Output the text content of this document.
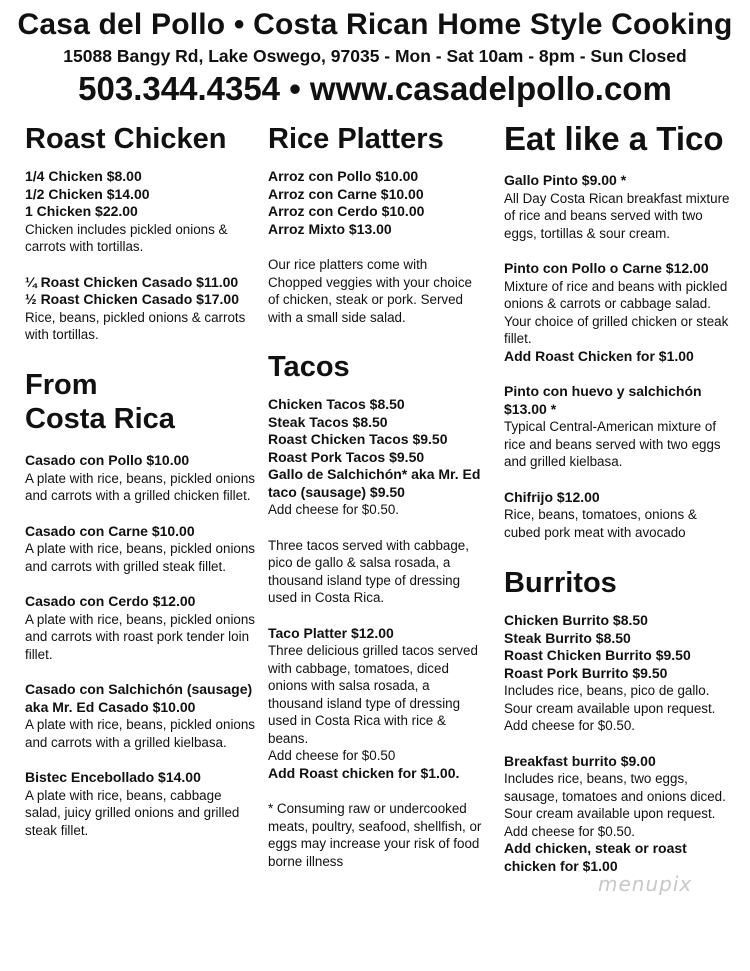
Casa del Pollo • Costa Rican Home Style Cooking
15088 Bangy Rd, Lake Oswego, 97035 - Mon - Sat 10am - 8pm - Sun Closed
503.344.4354 • www.casadelpollo.com
Roast Chicken
1/4 Chicken $8.00
1/2 Chicken $14.00
1 Chicken $22.00
Chicken includes pickled onions & carrots with tortillas.
¼ Roast Chicken Casado $11.00
½ Roast Chicken Casado $17.00
Rice, beans, pickled onions & carrots with tortillas.
From
Costa Rica
Casado con Pollo $10.00
A plate with rice, beans, pickled onions and carrots with a grilled chicken fillet.
Casado con Carne $10.00
A plate with rice, beans, pickled onions and carrots with grilled steak fillet.
Casado con Cerdo $12.00
A plate with rice, beans, pickled onions and carrots with roast pork tender loin fillet.
Casado con Salchichón (sausage) aka Mr. Ed Casado $10.00
A plate with rice, beans, pickled onions and carrots with a grilled kielbasa.
Bistec Encebollado $14.00
A plate with rice, beans, cabbage salad, juicy grilled onions and grilled steak fillet.
Rice Platters
Arroz con Pollo $10.00
Arroz con Carne $10.00
Arroz con Cerdo $10.00
Arroz Mixto $13.00
Our rice platters come with Chopped veggies with your choice of chicken, steak or pork. Served with a small side salad.
Tacos
Chicken Tacos $8.50
Steak Tacos $8.50
Roast Chicken Tacos $9.50
Roast Pork Tacos $9.50
Gallo de Salchichón* aka Mr. Ed taco (sausage) $9.50
Add cheese for $0.50.
Three tacos served with cabbage, pico de gallo & salsa rosada, a thousand island type of dressing used in Costa Rica.
Taco Platter $12.00
Three delicious grilled tacos served with cabbage, tomatoes, diced onions with salsa rosada, a thousand island type of dressing used in Costa Rica with rice & beans.
Add cheese for $0.50
Add Roast chicken for $1.00.
* Consuming raw or undercooked meats, poultry, seafood, shellfish, or eggs may increase your risk of food borne illness
Eat like a Tico
Gallo Pinto $9.00 *
All Day Costa Rican breakfast mixture of rice and beans served with two eggs, tortillas & sour cream.
Pinto con Pollo o Carne $12.00
Mixture of rice and beans with pickled onions & carrots or cabbage salad. Your choice of grilled chicken or steak fillet.
Add Roast Chicken for $1.00
Pinto con huevo y salchichón $13.00 *
Typical Central-American mixture of rice and beans served with two eggs and grilled kielbasa.
Chifrijo $12.00
Rice, beans, tomatoes, onions & cubed pork meat with avocado
Burritos
Chicken Burrito $8.50
Steak Burrito $8.50
Roast Chicken Burrito $9.50
Roast Pork Burrito $9.50
Includes rice, beans, pico de gallo. Sour cream available upon request. Add cheese for $0.50.
Breakfast burrito $9.00
Includes rice, beans, two eggs, sausage, tomatoes and onions diced. Sour cream available upon request. Add cheese for $0.50.
Add chicken, steak or roast chicken for $1.00
menupix
